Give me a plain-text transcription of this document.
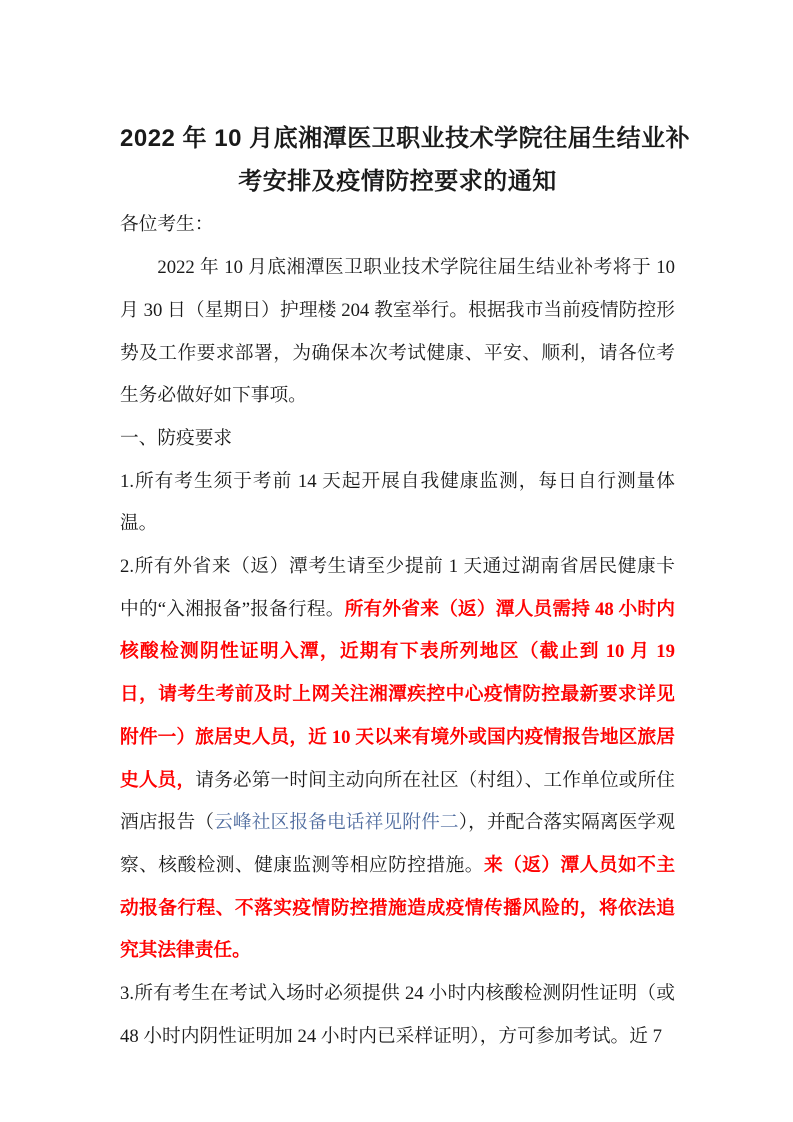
2022 年 10 月底湘潭医卫职业技术学院往届生结业补
考安排及疫情防控要求的通知

各位考生：

2022 年 10 月底湘潭医卫职业技术学院往届生结业补考将于 10 月 30 日（星期日）护理楼 204 教室举行。根据我市当前疫情防控形势及工作要求部署，为确保本次考试健康、平安、顺利，请各位考生务必做好如下事项。

一、防疫要求

1.所有考生须于考前 14 天起开展自我健康监测，每日自行测量体温。

2.所有外省来（返）潭考生请至少提前 1 天通过湖南省居民健康卡中的“入湘报备”报备行程。所有外省来（返）潭人员需持 48 小时内核酸检测阴性证明入潭，近期有下表所列地区（截止到 10 月 19 日，请考生考前及时上网关注湘潭疾控中心疫情防控最新要求详见附件一）旅居史人员，近 10 天以来有境外或国内疫情报告地区旅居史人员，请务必第一时间主动向所在社区（村组）、工作单位或所住酒店报告（云峰社区报备电话祥见附件二），并配合落实隔离医学观察、核酸检测、健康监测等相应防控措施。来（返）潭人员如不主动报备行程、不落实疫情防控措施造成疫情传播风险的，将依法追究其法律责任。

3.所有考生在考试入场时必须提供 24 小时内核酸检测阴性证明（或 48 小时内阴性证明加 24 小时内已采样证明），方可参加考试。近 7
